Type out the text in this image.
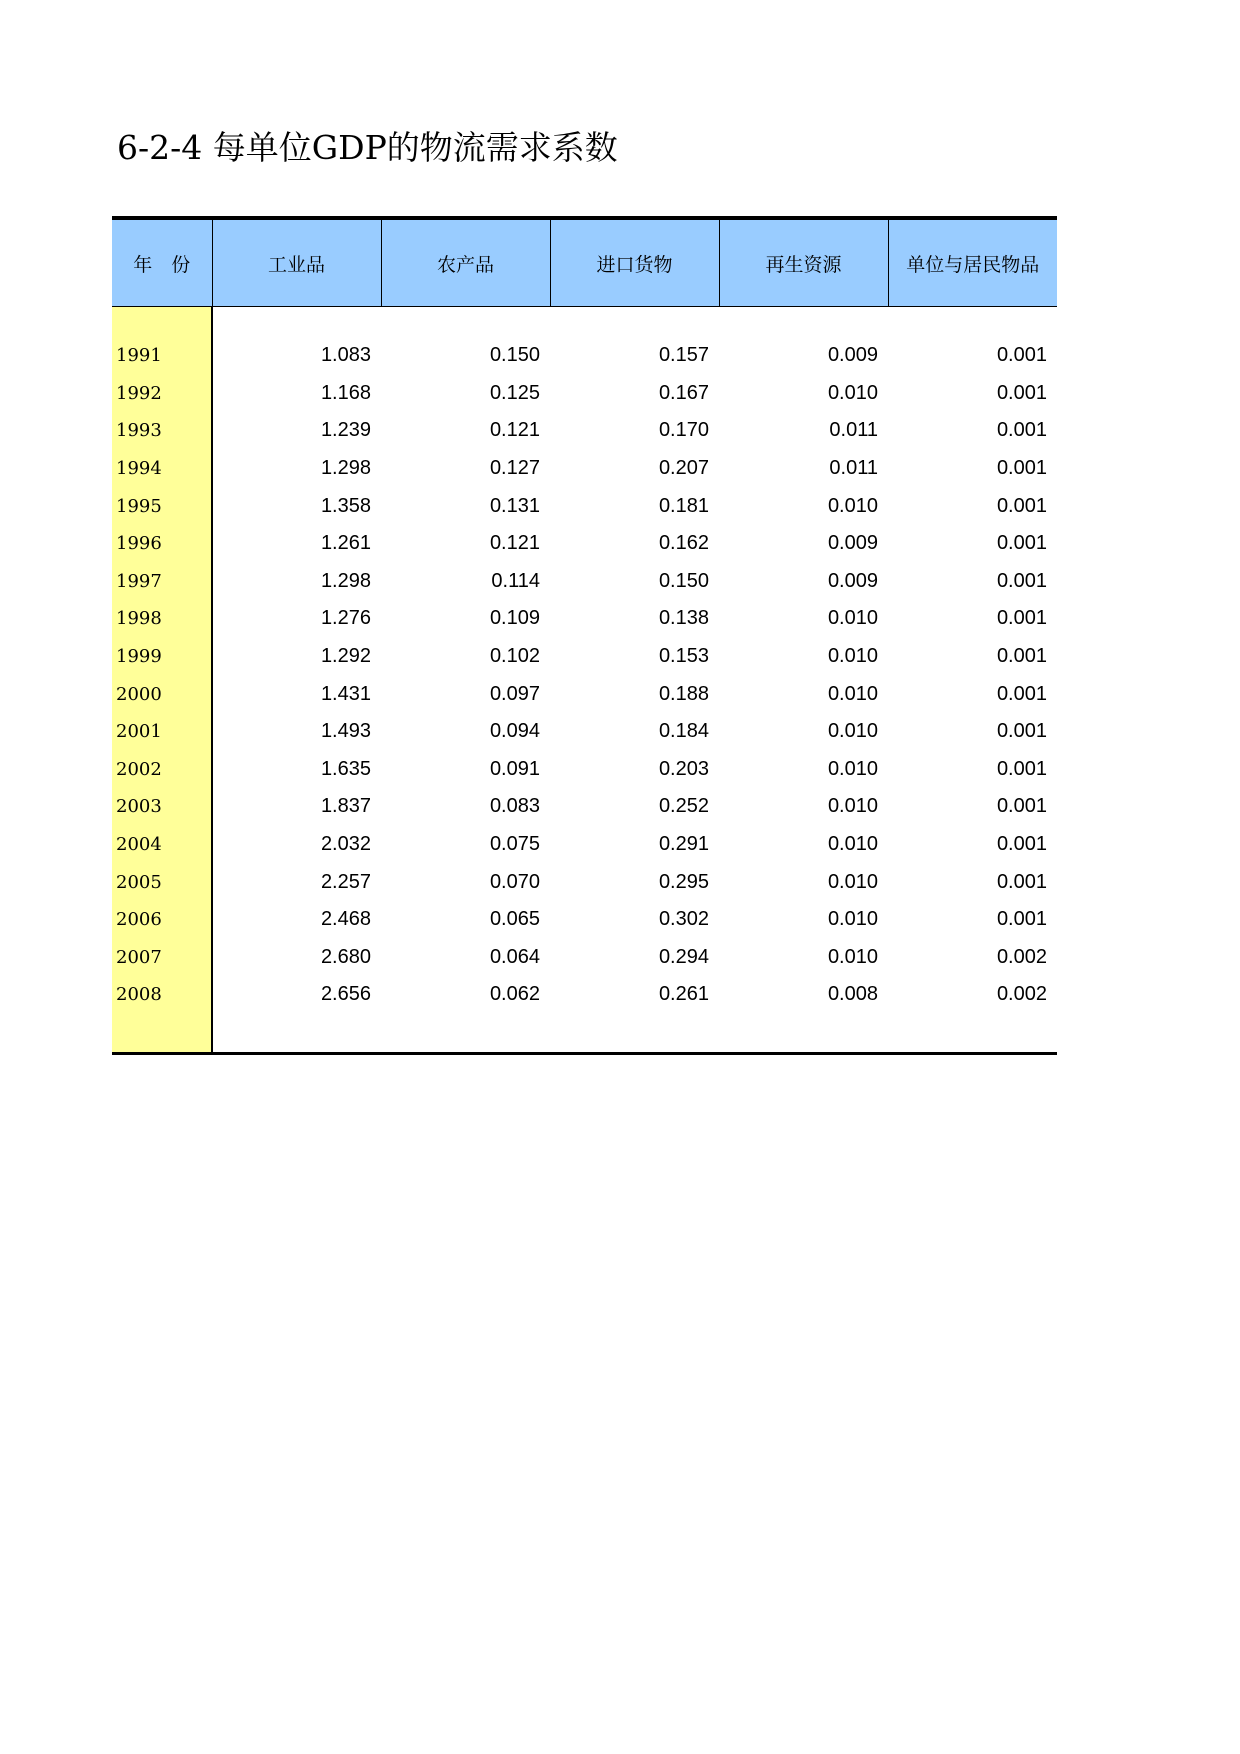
6-2-4 每单位GDP的物流需求系数

年　份	工业品	农产品	进口货物	再生资源	单位与居民物品

1991	1.083	0.150	0.157	0.009	0.001
1992	1.168	0.125	0.167	0.010	0.001
1993	1.239	0.121	0.170	0.011	0.001
1994	1.298	0.127	0.207	0.011	0.001
1995	1.358	0.131	0.181	0.010	0.001
1996	1.261	0.121	0.162	0.009	0.001
1997	1.298	0.114	0.150	0.009	0.001
1998	1.276	0.109	0.138	0.010	0.001
1999	1.292	0.102	0.153	0.010	0.001
2000	1.431	0.097	0.188	0.010	0.001
2001	1.493	0.094	0.184	0.010	0.001
2002	1.635	0.091	0.203	0.010	0.001
2003	1.837	0.083	0.252	0.010	0.001
2004	2.032	0.075	0.291	0.010	0.001
2005	2.257	0.070	0.295	0.010	0.001
2006	2.468	0.065	0.302	0.010	0.001
2007	2.680	0.064	0.294	0.010	0.002
2008	2.656	0.062	0.261	0.008	0.002
